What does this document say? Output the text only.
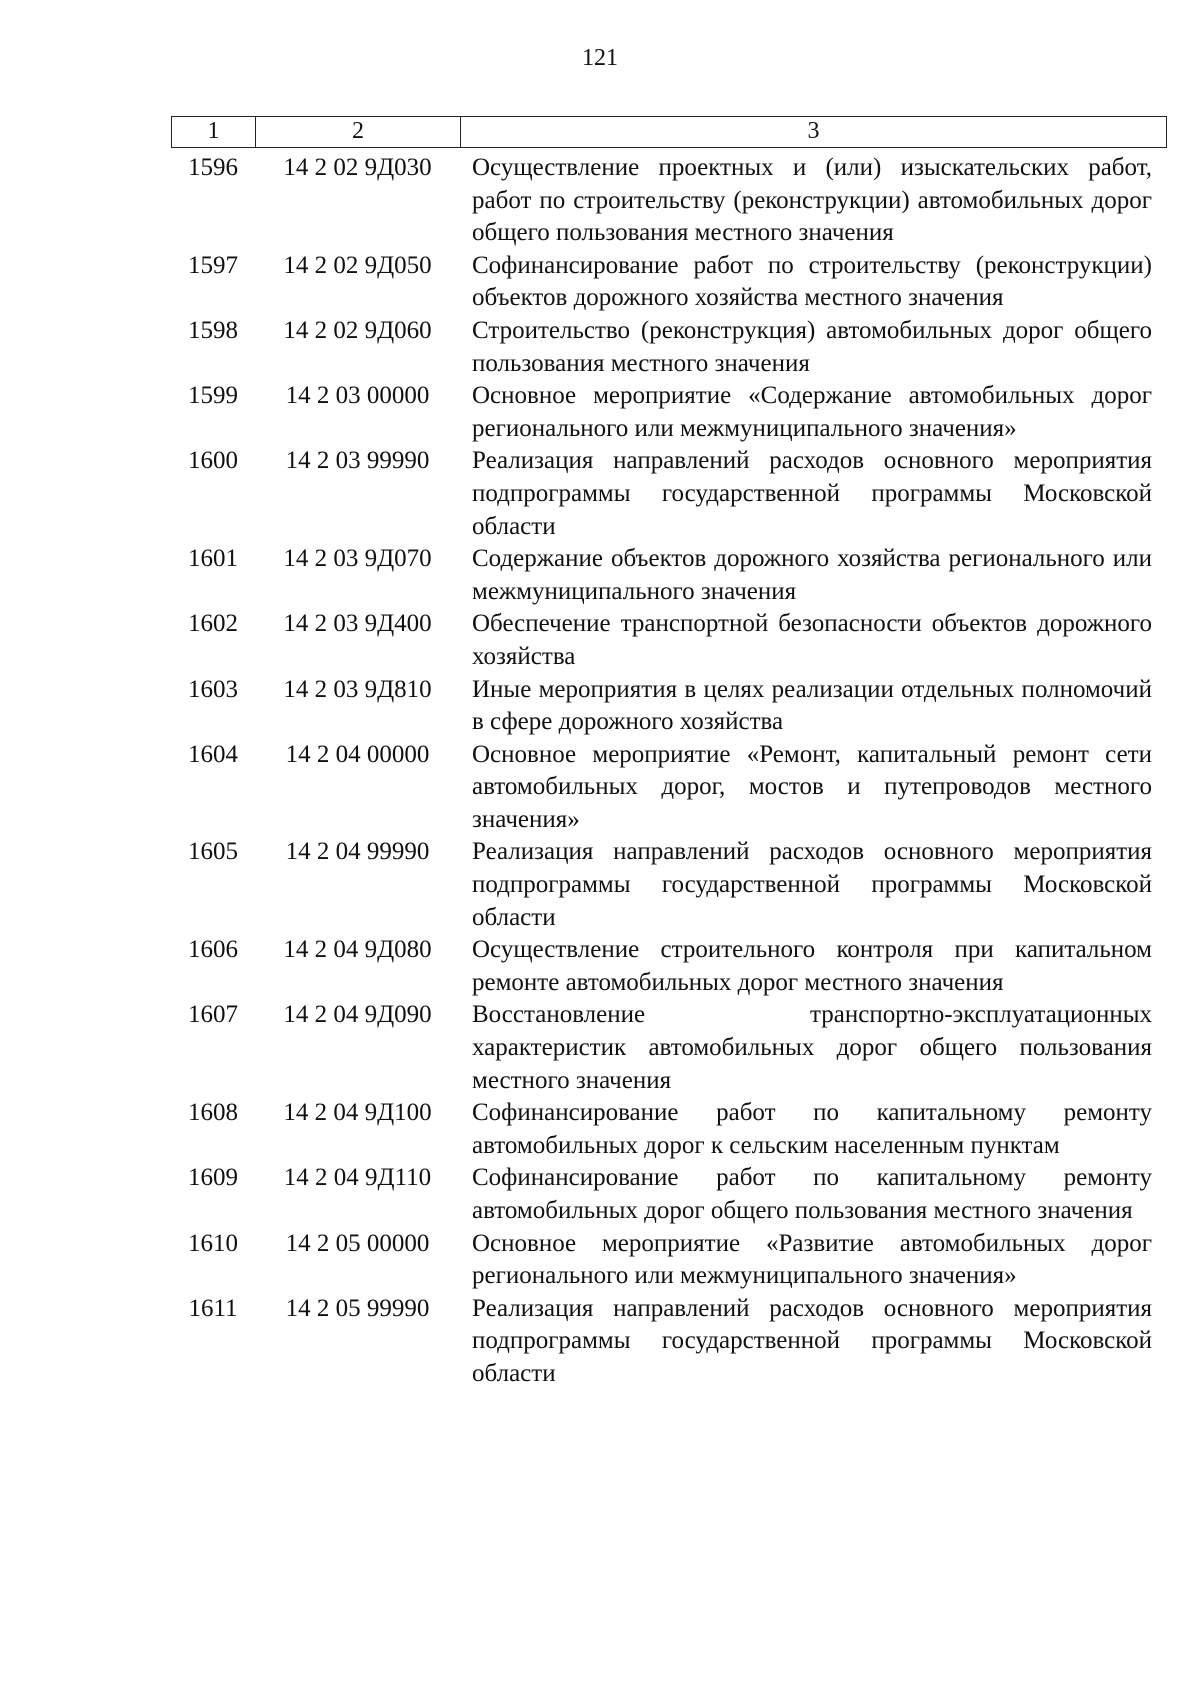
121
1	2	3
1596	14 2 02 9Д030	Осуществление проектных и (или) изыскательских работ, работ по строительству (реконструкции) автомобильных дорог общего пользования местного значения
1597	14 2 02 9Д050	Софинансирование работ по строительству (реконструкции) объектов дорожного хозяйства местного значения
1598	14 2 02 9Д060	Строительство (реконструкция) автомобильных дорог общего пользования местного значения
1599	14 2 03 00000	Основное мероприятие «Содержание автомобильных дорог регионального или межмуниципального значения»
1600	14 2 03 99990	Реализация направлений расходов основного мероприятия подпрограммы государственной программы Московской области
1601	14 2 03 9Д070	Содержание объектов дорожного хозяйства регионального или межмуниципального значения
1602	14 2 03 9Д400	Обеспечение транспортной безопасности объектов дорожного хозяйства
1603	14 2 03 9Д810	Иные мероприятия в целях реализации отдельных полномочий в сфере дорожного хозяйства
1604	14 2 04 00000	Основное мероприятие «Ремонт, капитальный ремонт сети автомобильных дорог, мостов и путепроводов местного значения»
1605	14 2 04 99990	Реализация направлений расходов основного мероприятия подпрограммы государственной программы Московской области
1606	14 2 04 9Д080	Осуществление строительного контроля при капитальном ремонте автомобильных дорог местного значения
1607	14 2 04 9Д090	Восстановление транспортно-эксплуатационных характеристик автомобильных дорог общего пользования местного значения
1608	14 2 04 9Д100	Софинансирование работ по капитальному ремонту автомобильных дорог к сельским населенным пунктам
1609	14 2 04 9Д110	Софинансирование работ по капитальному ремонту автомобильных дорог общего пользования местного значения
1610	14 2 05 00000	Основное мероприятие «Развитие автомобильных дорог регионального или межмуниципального значения»
1611	14 2 05 99990	Реализация направлений расходов основного мероприятия подпрограммы государственной программы Московской области
